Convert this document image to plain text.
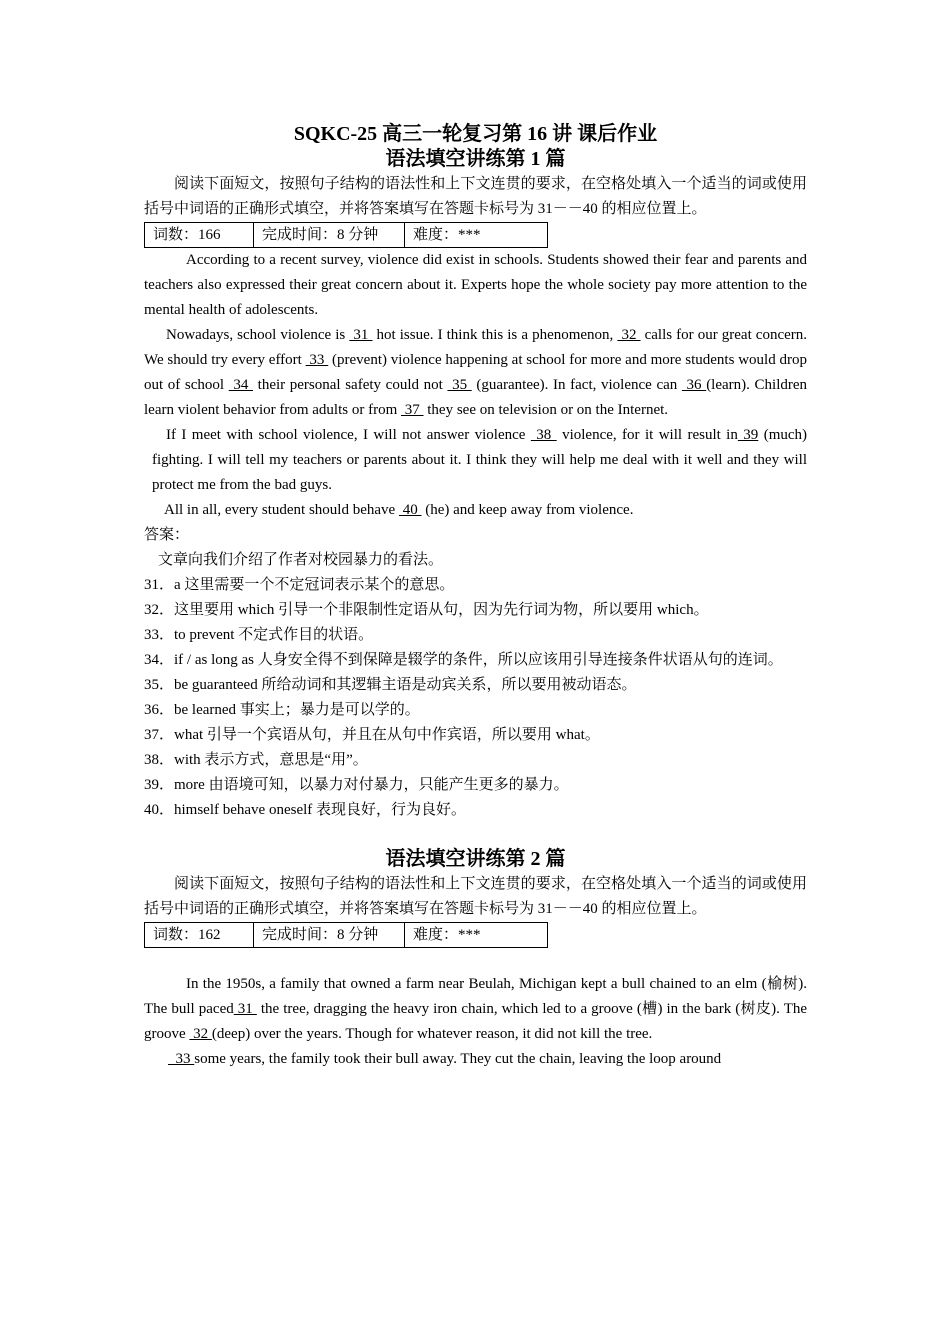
SQKC-25 高三一轮复习第 16 讲 课后作业
语法填空讲练第 1 篇

阅读下面短文，按照句子结构的语法性和上下文连贯的要求，在空格处填入一个适当的词或使用括号中词语的正确形式填空，并将答案填写在答题卡标号为 31－－40 的相应位置上。

词数：166	完成时间：8 分钟	难度：***

According to a recent survey, violence did exist in schools. Students showed their fear and parents and teachers also expressed their great concern about it. Experts hope the whole society pay more attention to the mental health of adolescents.

Nowadays, school violence is  31  hot issue. I think this is a phenomenon,  32  calls for our great concern. We should try every effort  33  (prevent) violence happening at school for more and more students would drop out of school  34  their personal safety could not  35  (guarantee). In fact, violence can  36 (learn). Children learn violent behavior from adults or from  37  they see on television or on the Internet.

If I meet with school violence, I will not answer violence  38  violence, for it will result in 39 (much) fighting. I will tell my teachers or parents about it. I think they will help me deal with it well and they will protect me from the bad guys.

All in all, every student should behave  40  (he) and keep away from violence.

答案：

文章向我们介绍了作者对校园暴力的看法。

31．a 这里需要一个不定冠词表示某个的意思。

32．这里要用 which 引导一个非限制性定语从句，因为先行词为物，所以要用 which。

33．to prevent 不定式作目的状语。

34．if / as long as 人身安全得不到保障是辍学的条件，所以应该用引导连接条件状语从句的连词。

35．be guaranteed 所给动词和其逻辑主语是动宾关系，所以要用被动语态。

36．be learned 事实上；暴力是可以学的。

37．what 引导一个宾语从句，并且在从句中作宾语，所以要用 what。

38．with 表示方式，意思是“用”。

39．more 由语境可知，以暴力对付暴力，只能产生更多的暴力。

40．himself behave oneself 表现良好，行为良好。

语法填空讲练第 2 篇

阅读下面短文，按照句子结构的语法性和上下文连贯的要求，在空格处填入一个适当的词或使用括号中词语的正确形式填空，并将答案填写在答题卡标号为 31－－40 的相应位置上。

词数：162	完成时间：8 分钟	难度：***

In the 1950s, a family that owned a farm near Beulah, Michigan kept a bull chained to an elm (榆树). The bull paced 31  the tree, dragging the heavy iron chain, which led to a groove (槽) in the bark (树皮). The groove  32 (deep) over the years. Though for whatever reason, it did not kill the tree.

33 some years, the family took their bull away. They cut the chain, leaving the loop around
